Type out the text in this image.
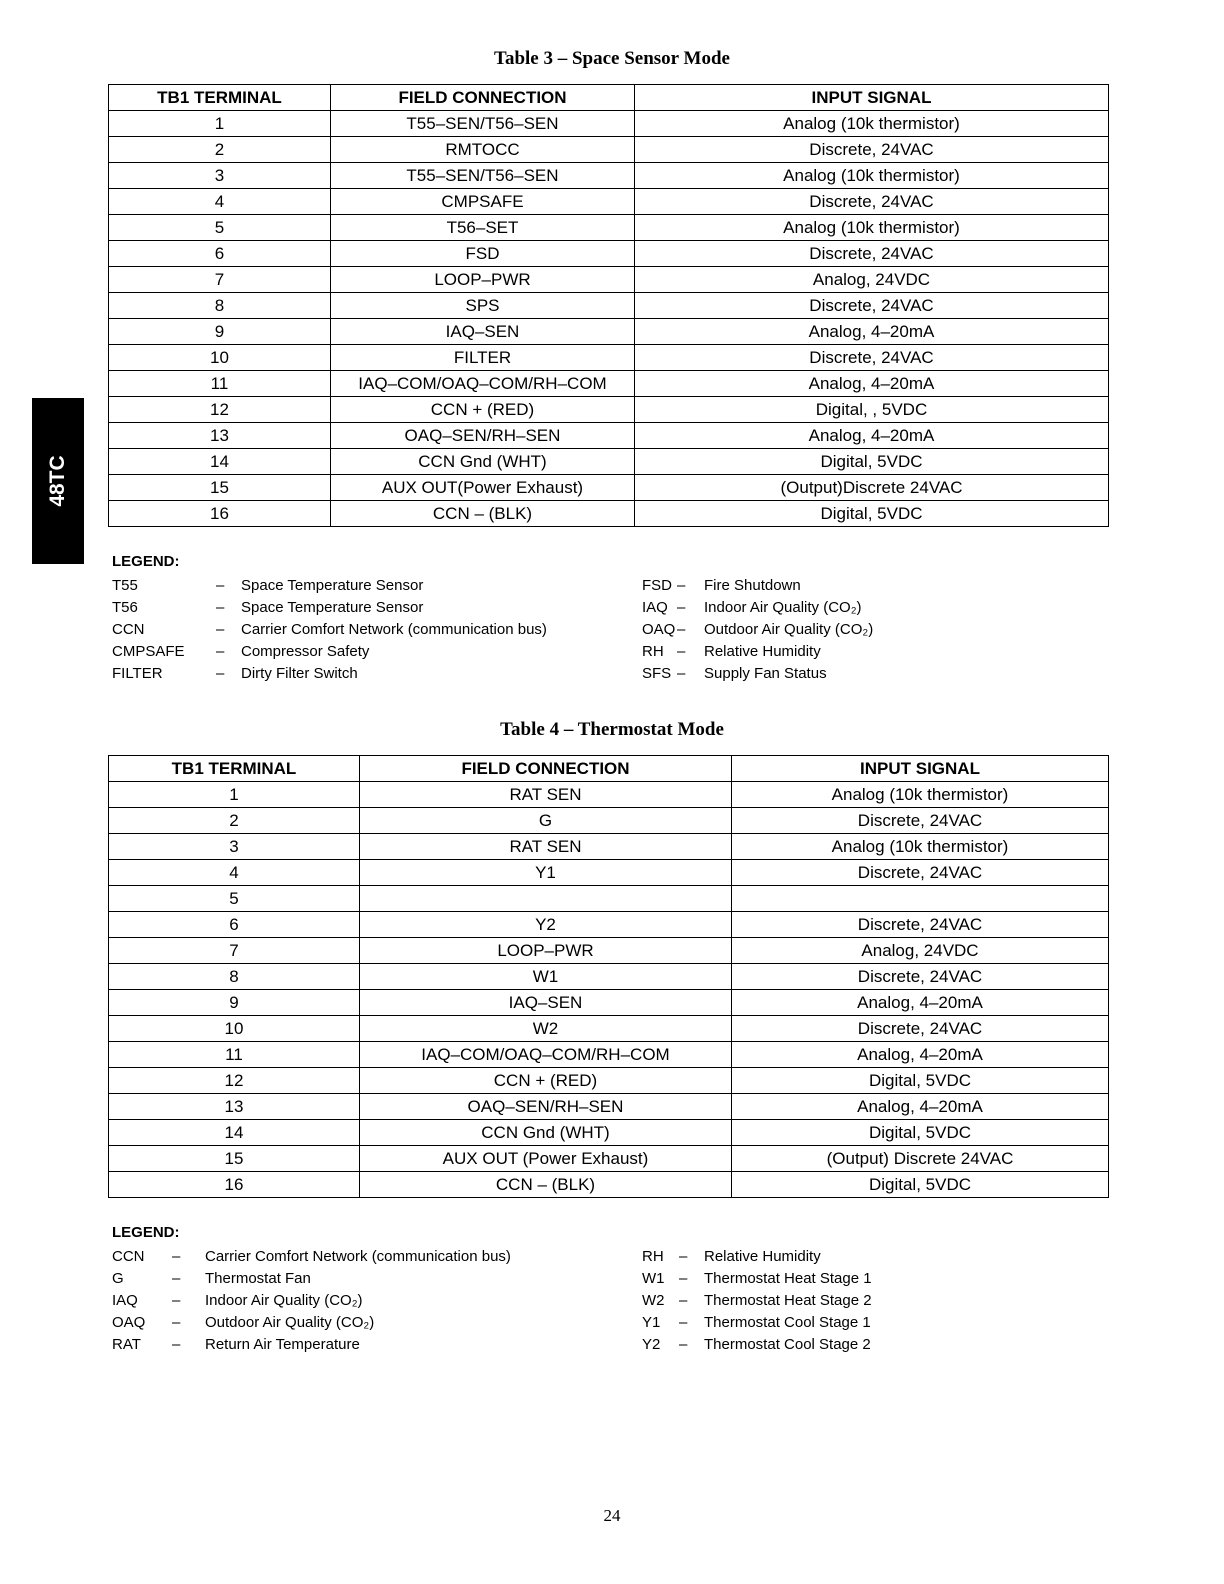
48TC
Table 3 – Space Sensor Mode
TB1 TERMINAL	FIELD CONNECTION	INPUT SIGNAL
1	T55–SEN/T56–SEN	Analog (10k thermistor)
2	RMTOCC	Discrete, 24VAC
3	T55–SEN/T56–SEN	Analog (10k thermistor)
4	CMPSAFE	Discrete, 24VAC
5	T56–SET	Analog (10k thermistor)
6	FSD	Discrete, 24VAC
7	LOOP–PWR	Analog, 24VDC
8	SPS	Discrete, 24VAC
9	IAQ–SEN	Analog, 4–20mA
10	FILTER	Discrete, 24VAC
11	IAQ–COM/OAQ–COM/RH–COM	Analog, 4–20mA
12	CCN + (RED)	Digital, , 5VDC
13	OAQ–SEN/RH–SEN	Analog, 4–20mA
14	CCN Gnd (WHT)	Digital, 5VDC
15	AUX OUT(Power Exhaust)	(Output)Discrete 24VAC
16	CCN – (BLK)	Digital, 5VDC
LEGEND:
T55	– Space Temperature Sensor
T56	– Space Temperature Sensor
CCN	– Carrier Comfort Network (communication bus)
CMPSAFE – Compressor Safety
FILTER	– Dirty Filter Switch
FSD – Fire Shutdown
IAQ – Indoor Air Quality (CO₂)
OAQ – Outdoor Air Quality (CO₂)
RH – Relative Humidity
SFS – Supply Fan Status
Table 4 – Thermostat Mode
TB1 TERMINAL	FIELD CONNECTION	INPUT SIGNAL
1	RAT SEN	Analog (10k thermistor)
2	G	Discrete, 24VAC
3	RAT SEN	Analog (10k thermistor)
4	Y1	Discrete, 24VAC
5		
6	Y2	Discrete, 24VAC
7	LOOP–PWR	Analog, 24VDC
8	W1	Discrete, 24VAC
9	IAQ–SEN	Analog, 4–20mA
10	W2	Discrete, 24VAC
11	IAQ–COM/OAQ–COM/RH–COM	Analog, 4–20mA
12	CCN + (RED)	Digital, 5VDC
13	OAQ–SEN/RH–SEN	Analog, 4–20mA
14	CCN Gnd (WHT)	Digital, 5VDC
15	AUX OUT (Power Exhaust)	(Output) Discrete 24VAC
16	CCN – (BLK)	Digital, 5VDC
LEGEND:
CCN – Carrier Comfort Network (communication bus)
G	– Thermostat Fan
IAQ – Indoor Air Quality (CO₂)
OAQ – Outdoor Air Quality (CO₂)
RAT – Return Air Temperature
RH – Relative Humidity
W1 – Thermostat Heat Stage 1
W2 – Thermostat Heat Stage 2
Y1 – Thermostat Cool Stage 1
Y2 – Thermostat Cool Stage 2
24
